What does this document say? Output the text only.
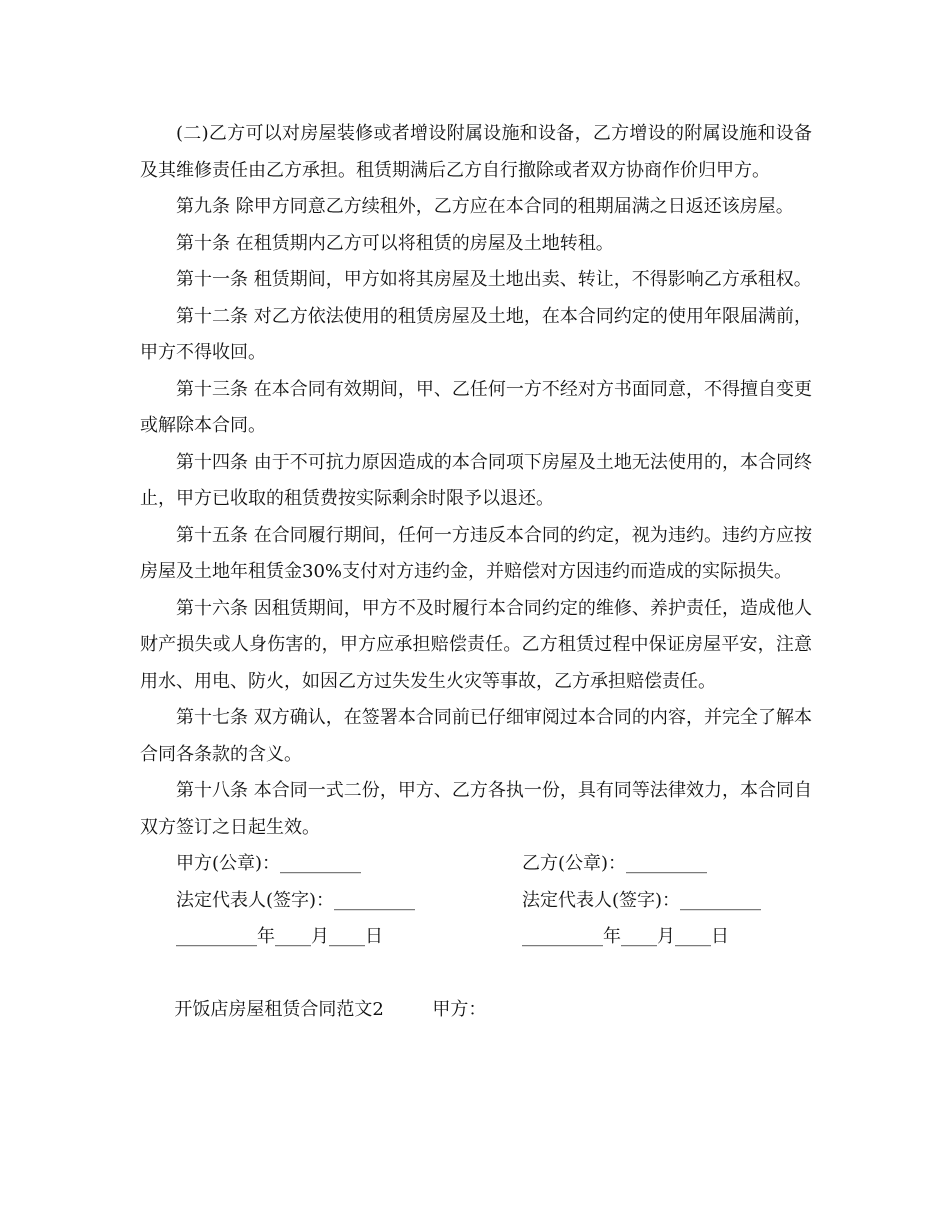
(二)乙方可以对房屋装修或者增设附属设施和设备，乙方增设的附属设施和设备及其维修责任由乙方承担。租赁期满后乙方自行撤除或者双方协商作价归甲方。

第九条 除甲方同意乙方续租外，乙方应在本合同的租期届满之日返还该房屋。

第十条 在租赁期内乙方可以将租赁的房屋及土地转租。

第十一条 租赁期间，甲方如将其房屋及土地出卖、转让，不得影响乙方承租权。

第十二条 对乙方依法使用的租赁房屋及土地，在本合同约定的使用年限届满前，甲方不得收回。

第十三条 在本合同有效期间，甲、乙任何一方不经对方书面同意，不得擅自变更或解除本合同。

第十四条 由于不可抗力原因造成的本合同项下房屋及土地无法使用的，本合同终止，甲方已收取的租赁费按实际剩余时限予以退还。

第十五条 在合同履行期间，任何一方违反本合同的约定，视为违约。违约方应按房屋及土地年租赁金30%支付对方违约金，并赔偿对方因违约而造成的实际损失。

第十六条 因租赁期间，甲方不及时履行本合同约定的维修、养护责任，造成他人财产损失或人身伤害的，甲方应承担赔偿责任。乙方租赁过程中保证房屋平安，注意用水、用电、防火，如因乙方过失发生火灾等事故，乙方承担赔偿责任。

第十七条 双方确认，在签署本合同前已仔细审阅过本合同的内容，并完全了解本合同各条款的含义。

第十八条 本合同一式二份，甲方、乙方各执一份，具有同等法律效力，本合同自双方签订之日起生效。

甲方(公章)：_________	乙方(公章)：_________
法定代表人(签字)：_________	法定代表人(签字)：_________
_________年____月____日	_________年____月____日

开饭店房屋租赁合同范文2	甲方：
